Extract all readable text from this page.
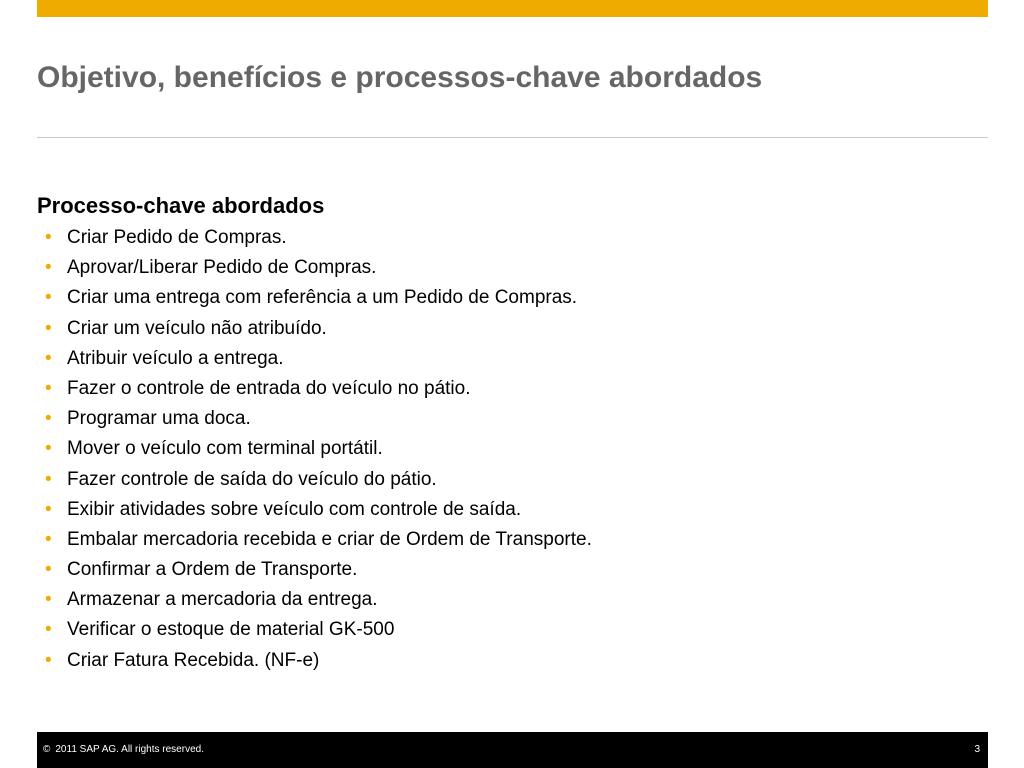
Objetivo, benefícios e processos-chave abordados
Processo-chave abordados
• Criar Pedido de Compras.
• Aprovar/Liberar Pedido de Compras.
• Criar uma entrega com referência a um Pedido de Compras.
• Criar um veículo não atribuído.
• Atribuir veículo a entrega.
• Fazer o controle de entrada do veículo no pátio.
• Programar uma doca.
• Mover o veículo com terminal portátil.
• Fazer controle de saída do veículo do pátio.
• Exibir atividades sobre veículo com controle de saída.
• Embalar mercadoria recebida e criar de Ordem de Transporte.
• Confirmar a Ordem de Transporte.
• Armazenar a mercadoria da entrega.
• Verificar o estoque de material GK-500
• Criar Fatura Recebida. (NF-e)
© 2011 SAP AG. All rights reserved.	3
